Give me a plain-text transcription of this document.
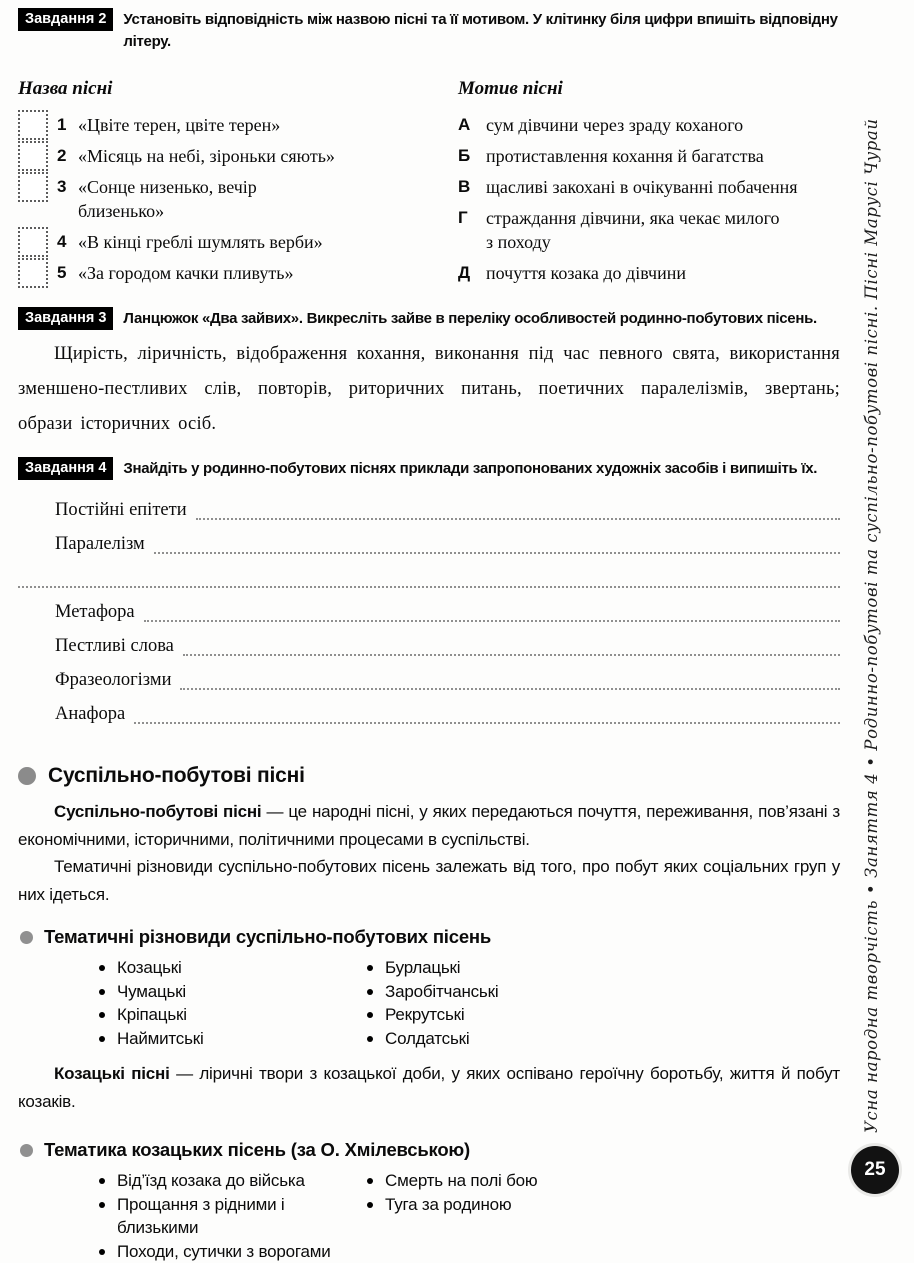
Завдання 2	Установіть відповідність між назвою пісні та її мотивом. У клітинку біля цифри впишіть відповідну літеру.
Назва пісні
1 «Цвіте терен, цвіте терен»
2 «Місяць на небі, зіроньки сяють»
3 «Сонце низенько, вечір близенько»
4 «В кінці греблі шумлять верби»
5 «За городом качки пливуть»
Мотив пісні
А сум дівчини через зраду коханого
Б протиставлення кохання й багатства
В щасливі закохані в очікуванні побачення
Г страждання дівчини, яка чекає милого з походу
Д почуття козака до дівчини
Завдання 3	Ланцюжок «Два зайвих». Викресліть зайве в переліку особливостей родинно-побутових пісень.

Щирість, ліричність, відображення кохання, виконання під час певного свята, використання зменшено-пестливих слів, повторів, риторичних питань, поетичних паралелізмів, звертань; образи історичних осіб.

Завдання 4	Знайдіть у родинно-побутових піснях приклади запропонованих художніх засобів і випишіть їх.
Постійні епітети
Паралелізм
Метафора
Пестливі слова
Фразеологізми
Анафора
Суспільно-побутові пісні

Суспільно-побутові пісні — це народні пісні, у яких передаються почуття, переживання, пов’язані з економічними, історичними, політичними процесами в суспільстві.

Тематичні різновиди суспільно-побутових пісень залежать від того, про побут яких соціальних груп у них ідеться.

Тематичні різновиди суспільно-побутових пісень
Козацькі
Чумацькі
Кріпацькі
Наймитські
Бурлацькі
Заробітчанські
Рекрутські
Солдатські

Козацькі пісні — ліричні твори з козацької доби, у яких оспівано героїчну боротьбу, життя й побут козаків.

Тематика козацьких пісень (за О. Хмілевською)
Від’їзд козака до війська
Прощання з рідними і близькими
Походи, сутички з ворогами
Смерть на полі бою
Туга за родиною
Усна народна творчість • Заняття 4 • Родинно-побутові та суспільно-побутові пісні. Пісні Марусі Чурай
25
